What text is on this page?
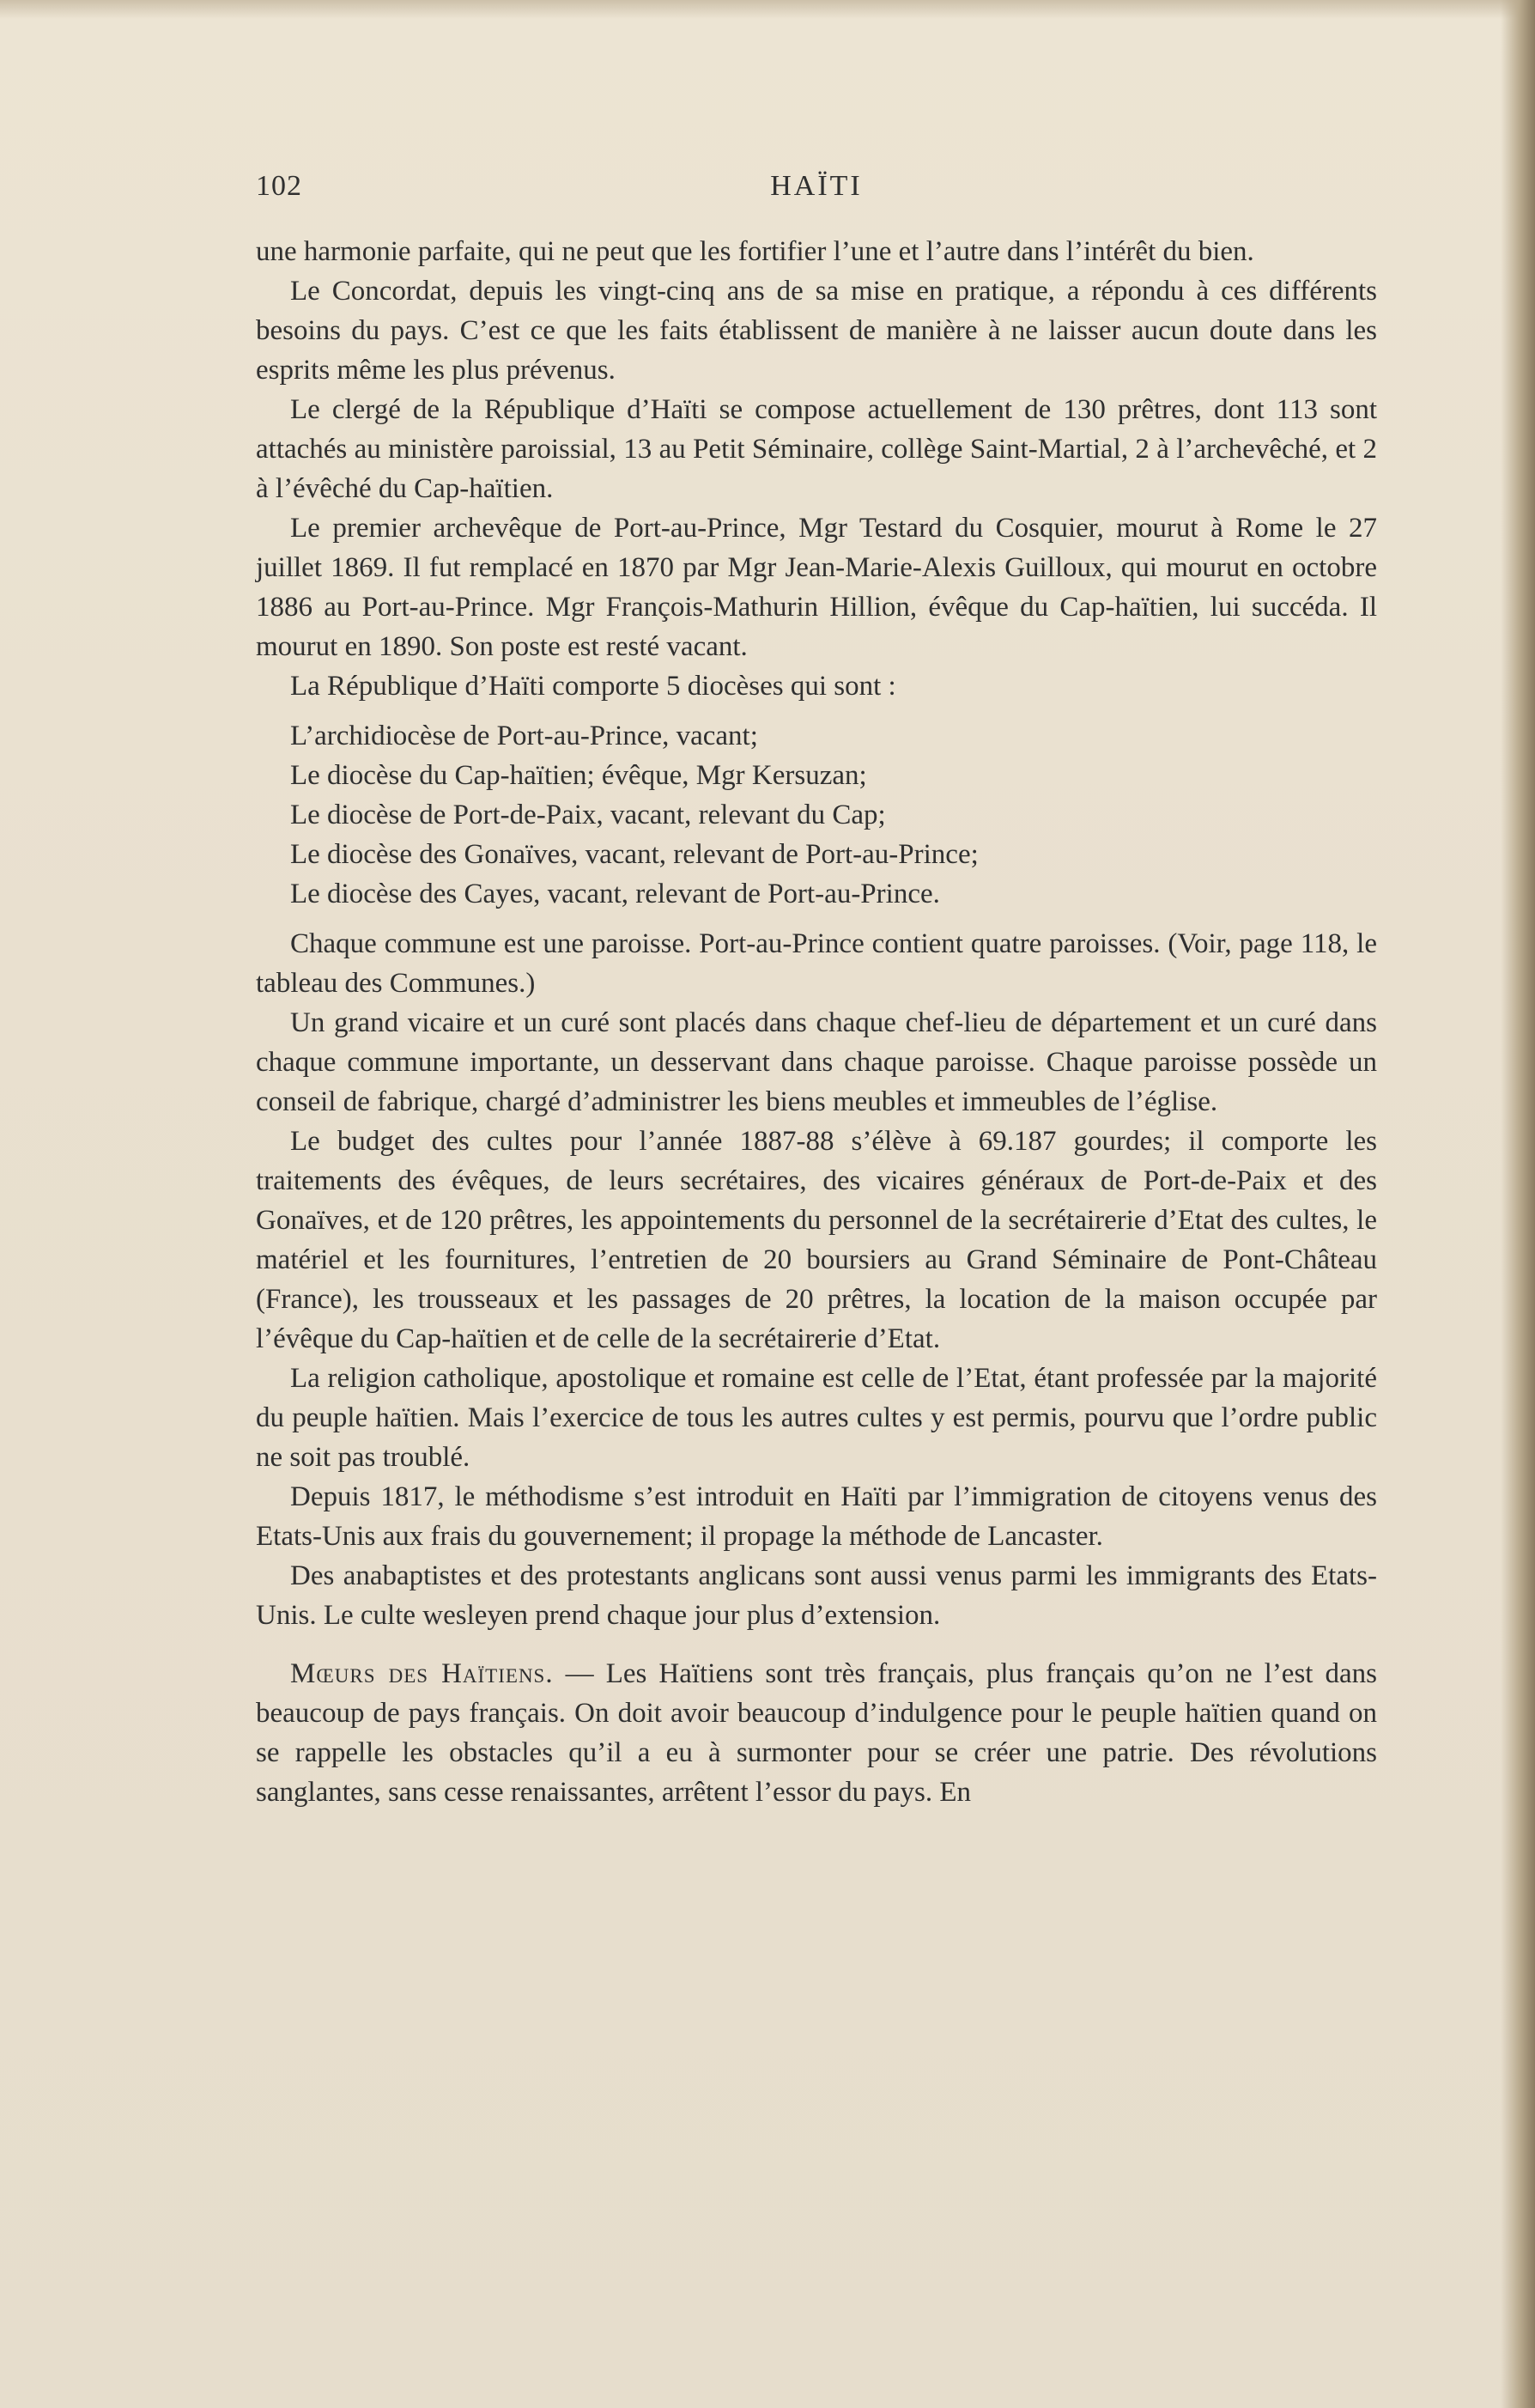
102	HAÏTI

une harmonie parfaite, qui ne peut que les fortifier l’une et l’autre dans l’intérêt du bien.

Le Concordat, depuis les vingt-cinq ans de sa mise en pratique, a répondu à ces différents besoins du pays. C’est ce que les faits établissent de manière à ne laisser aucun doute dans les esprits même les plus prévenus.

Le clergé de la République d’Haïti se compose actuellement de 130 prêtres, dont 113 sont attachés au ministère paroissial, 13 au Petit Séminaire, collège Saint-Martial, 2 à l’archevêché, et 2 à l’évêché du Cap-haïtien.

Le premier archevêque de Port-au-Prince, Mgr Testard du Cosquier, mourut à Rome le 27 juillet 1869. Il fut remplacé en 1870 par Mgr Jean-Marie-Alexis Guilloux, qui mourut en octobre 1886 au Port-au-Prince. Mgr François-Mathurin Hillion, évêque du Cap-haïtien, lui succéda. Il mourut en 1890. Son poste est resté vacant.

La République d’Haïti comporte 5 diocèses qui sont :

L’archidiocèse de Port-au-Prince, vacant;
Le diocèse du Cap-haïtien; évêque, Mgr Kersuzan;
Le diocèse de Port-de-Paix, vacant, relevant du Cap;
Le diocèse des Gonaïves, vacant, relevant de Port-au-Prince;
Le diocèse des Cayes, vacant, relevant de Port-au-Prince.

Chaque commune est une paroisse. Port-au-Prince contient quatre paroisses. (Voir, page 118, le tableau des Communes.)

Un grand vicaire et un curé sont placés dans chaque chef-lieu de département et un curé dans chaque commune importante, un desservant dans chaque paroisse. Chaque paroisse possède un conseil de fabrique, chargé d’administrer les biens meubles et immeubles de l’église.

Le budget des cultes pour l’année 1887-88 s’élève à 69.187 gourdes; il comporte les traitements des évêques, de leurs secrétaires, des vicaires généraux de Port-de-Paix et des Gonaïves, et de 120 prêtres, les appointements du personnel de la secrétairerie d’Etat des cultes, le matériel et les fournitures, l’entretien de 20 boursiers au Grand Séminaire de Pont-Château (France), les trousseaux et les passages de 20 prêtres, la location de la maison occupée par l’évêque du Cap-haïtien et de celle de la secrétairerie d’Etat.

La religion catholique, apostolique et romaine est celle de l’Etat, étant professée par la majorité du peuple haïtien. Mais l’exercice de tous les autres cultes y est permis, pourvu que l’ordre public ne soit pas troublé.

Depuis 1817, le méthodisme s’est introduit en Haïti par l’immigration de citoyens venus des Etats-Unis aux frais du gouvernement; il propage la méthode de Lancaster.

Des anabaptistes et des protestants anglicans sont aussi venus parmi les immigrants des Etats-Unis. Le culte wesleyen prend chaque jour plus d’extension.

Mœurs des Haïtiens. — Les Haïtiens sont très français, plus français qu’on ne l’est dans beaucoup de pays français. On doit avoir beaucoup d’indulgence pour le peuple haïtien quand on se rappelle les obstacles qu’il a eu à surmonter pour se créer une patrie. Des révolutions sanglantes, sans cesse renaissantes, arrêtent l’essor du pays. En
